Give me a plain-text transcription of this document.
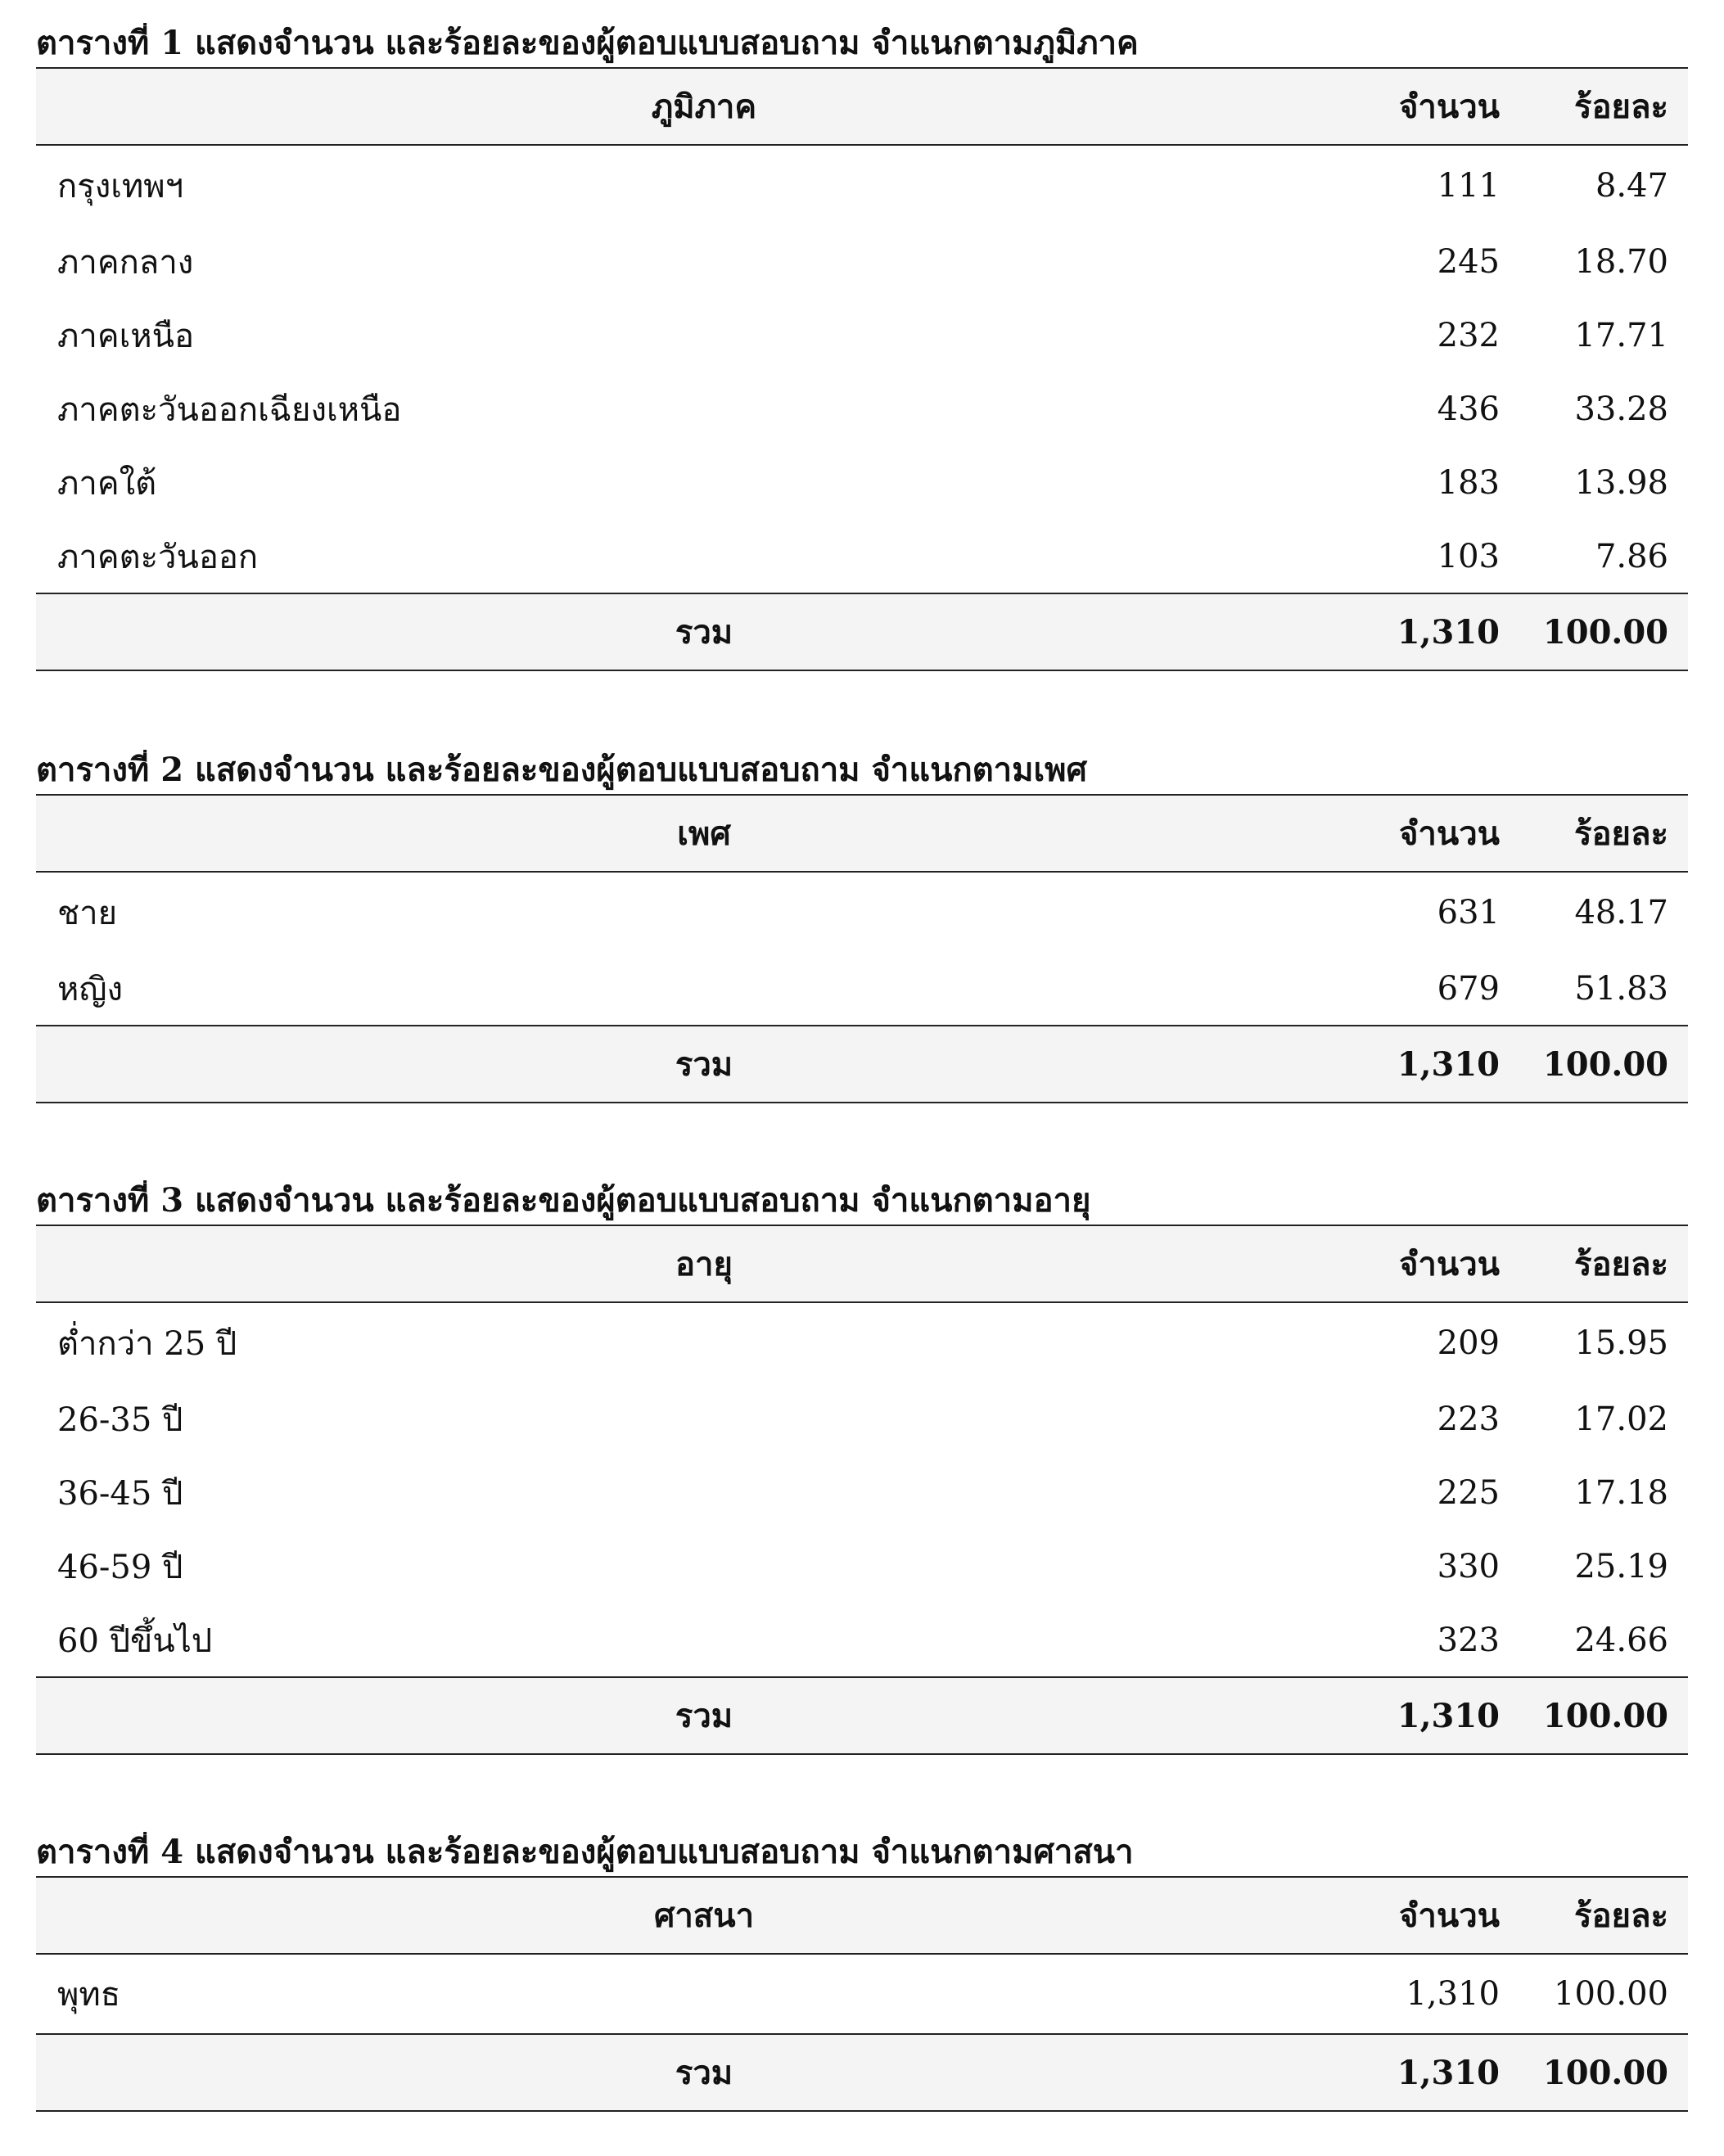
ตารางที่ 1 แสดงจำนวน และร้อยละของผู้ตอบแบบสอบถาม จำแนกตามภูมิภาค
ภูมิภาค	จำนวน	ร้อยละ
กรุงเทพฯ	111	8.47
ภาคกลาง	245	18.70
ภาคเหนือ	232	17.71
ภาคตะวันออกเฉียงเหนือ	436	33.28
ภาคใต้	183	13.98
ภาคตะวันออก	103	7.86
รวม	1,310	100.00
ตารางที่ 2 แสดงจำนวน และร้อยละของผู้ตอบแบบสอบถาม จำแนกตามเพศ
เพศ	จำนวน	ร้อยละ
ชาย	631	48.17
หญิง	679	51.83
รวม	1,310	100.00
ตารางที่ 3 แสดงจำนวน และร้อยละของผู้ตอบแบบสอบถาม จำแนกตามอายุ
อายุ	จำนวน	ร้อยละ
ต่ำกว่า 25 ปี	209	15.95
26-35 ปี	223	17.02
36-45 ปี	225	17.18
46-59 ปี	330	25.19
60 ปีขึ้นไป	323	24.66
รวม	1,310	100.00
ตารางที่ 4 แสดงจำนวน และร้อยละของผู้ตอบแบบสอบถาม จำแนกตามศาสนา
ศาสนา	จำนวน	ร้อยละ
พุทธ	1,310	100.00
รวม	1,310	100.00
